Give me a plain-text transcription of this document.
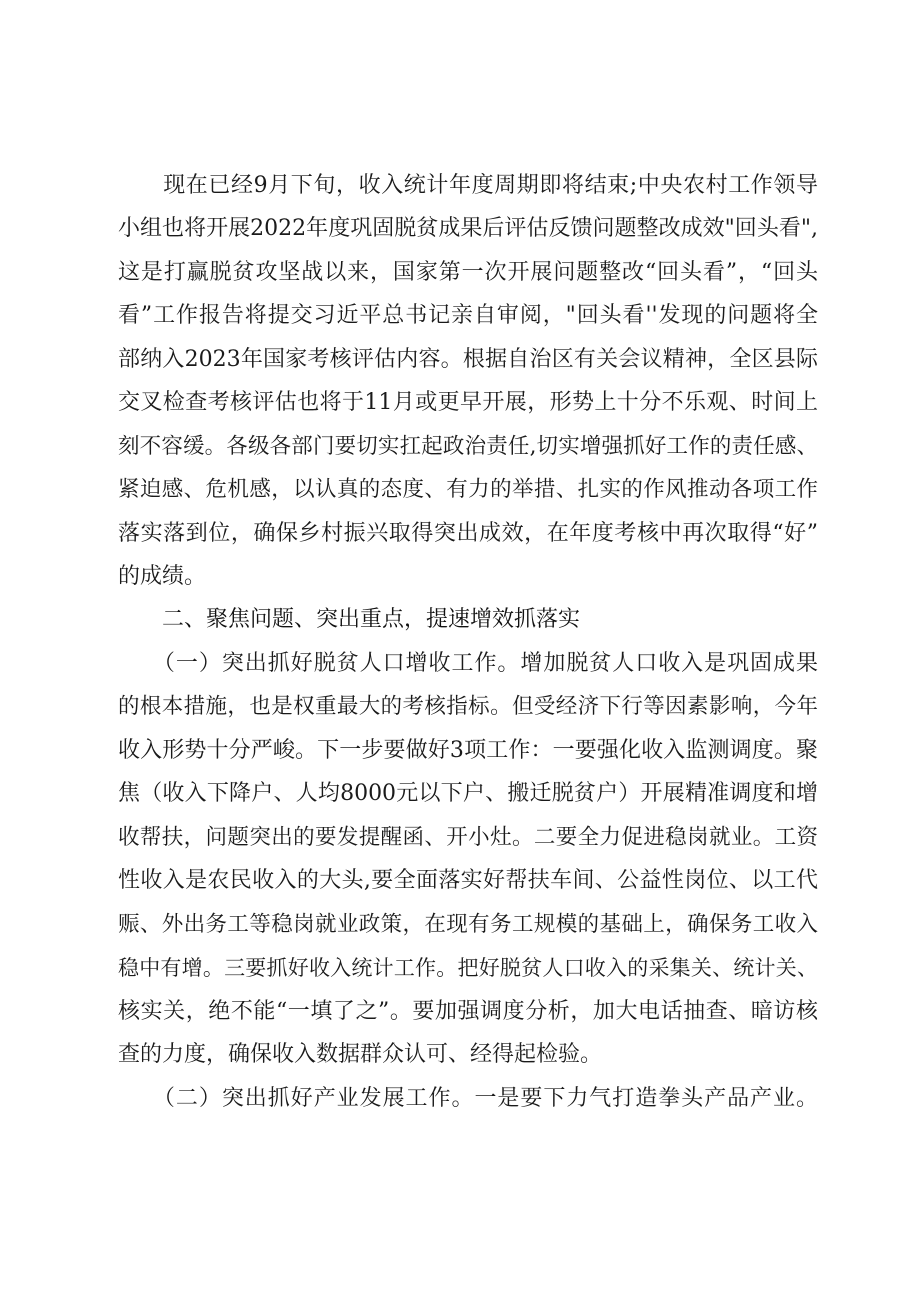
　　现在已经9月下旬，收入统计年度周期即将结束;中央农村工作领导
小组也将开展2022年度巩固脱贫成果后评估反馈问题整改成效"回头看",
这是打赢脱贫攻坚战以来，国家第一次开展问题整改“回头看”，“回头
看”工作报告将提交习近平总书记亲自审阅，"回头看''发现的问题将全
部纳入2023年国家考核评估内容。根据自治区有关会议精神，全区县际
交叉检查考核评估也将于11月或更早开展，形势上十分不乐观、时间上
刻不容缓。各级各部门要切实扛起政治责任,切实增强抓好工作的责任感、
紧迫感、危机感，以认真的态度、有力的举措、扎实的作风推动各项工作
落实落到位，确保乡村振兴取得突出成效，在年度考核中再次取得“好”
的成绩。
二、聚焦问题、突出重点，提速增效抓落实
　　（一）突出抓好脱贫人口增收工作。增加脱贫人口收入是巩固成果
的根本措施，也是权重最大的考核指标。但受经济下行等因素影响，今年
收入形势十分严峻。下一步要做好3项工作：一要强化收入监测调度。聚
焦（收入下降户、人均8000元以下户、搬迁脱贫户）开展精准调度和增
收帮扶，问题突出的要发提醒函、开小灶。二要全力促进稳岗就业。工资
性收入是农民收入的大头,要全面落实好帮扶车间、公益性岗位、以工代
赈、外出务工等稳岗就业政策，在现有务工规模的基础上，确保务工收入
稳中有增。三要抓好收入统计工作。把好脱贫人口收入的采集关、统计关、
核实关，绝不能“一填了之”。要加强调度分析，加大电话抽查、暗访核
查的力度，确保收入数据群众认可、经得起检验。
　　（二）突出抓好产业发展工作。一是要下力气打造拳头产品产业。
